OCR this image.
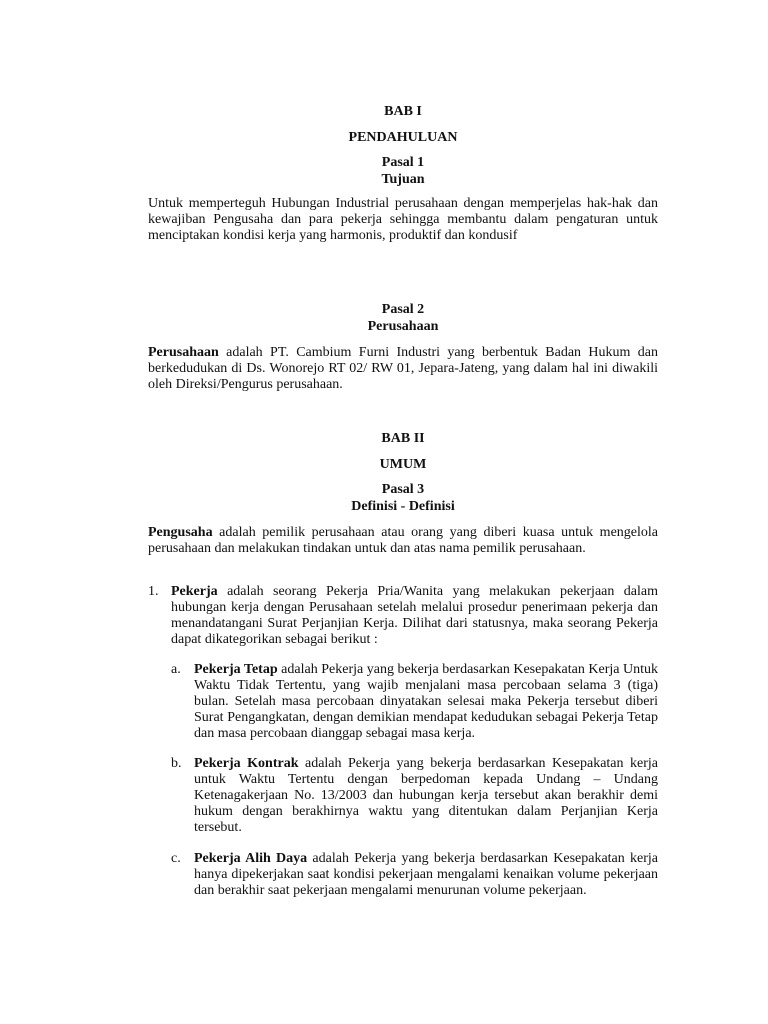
BAB I

PENDAHULUAN

Pasal 1

Tujuan

Untuk memperteguh Hubungan Industrial perusahaan dengan memperjelas hak-hak dan kewajiban Pengusaha dan para pekerja sehingga membantu dalam pengaturan untuk menciptakan kondisi kerja yang harmonis, produktif dan kondusif

Pasal 2

Perusahaan

Perusahaan adalah PT. Cambium Furni Industri yang berbentuk Badan Hukum dan berkedudukan di Ds. Wonorejo RT 02/ RW 01, Jepara-Jateng, yang dalam hal ini diwakili oleh Direksi/Pengurus perusahaan.

BAB II

UMUM

Pasal 3

Definisi - Definisi

Pengusaha adalah pemilik perusahaan atau orang yang diberi kuasa untuk mengelola perusahaan dan melakukan tindakan untuk dan atas nama pemilik perusahaan.

1. Pekerja adalah seorang Pekerja Pria/Wanita yang melakukan pekerjaan dalam hubungan kerja dengan Perusahaan setelah melalui prosedur penerimaan pekerja dan menandatangani Surat Perjanjian Kerja. Dilihat dari statusnya, maka seorang Pekerja dapat dikategorikan sebagai berikut :

a. Pekerja Tetap adalah Pekerja yang bekerja berdasarkan Kesepakatan Kerja Untuk Waktu Tidak Tertentu, yang wajib menjalani masa percobaan selama 3 (tiga) bulan. Setelah masa percobaan dinyatakan selesai maka Pekerja tersebut diberi Surat Pengangkatan, dengan demikian mendapat kedudukan sebagai Pekerja Tetap dan masa percobaan dianggap sebagai masa kerja.

b. Pekerja Kontrak adalah Pekerja yang bekerja berdasarkan Kesepakatan kerja untuk Waktu Tertentu dengan berpedoman kepada Undang – Undang Ketenagakerjaan No. 13/2003 dan hubungan kerja tersebut akan berakhir demi hukum dengan berakhirnya waktu yang ditentukan dalam Perjanjian Kerja tersebut.

c. Pekerja Alih Daya adalah Pekerja yang bekerja berdasarkan Kesepakatan kerja hanya dipekerjakan saat kondisi pekerjaan mengalami kenaikan volume pekerjaan dan berakhir saat pekerjaan mengalami menurunan volume pekerjaan.
